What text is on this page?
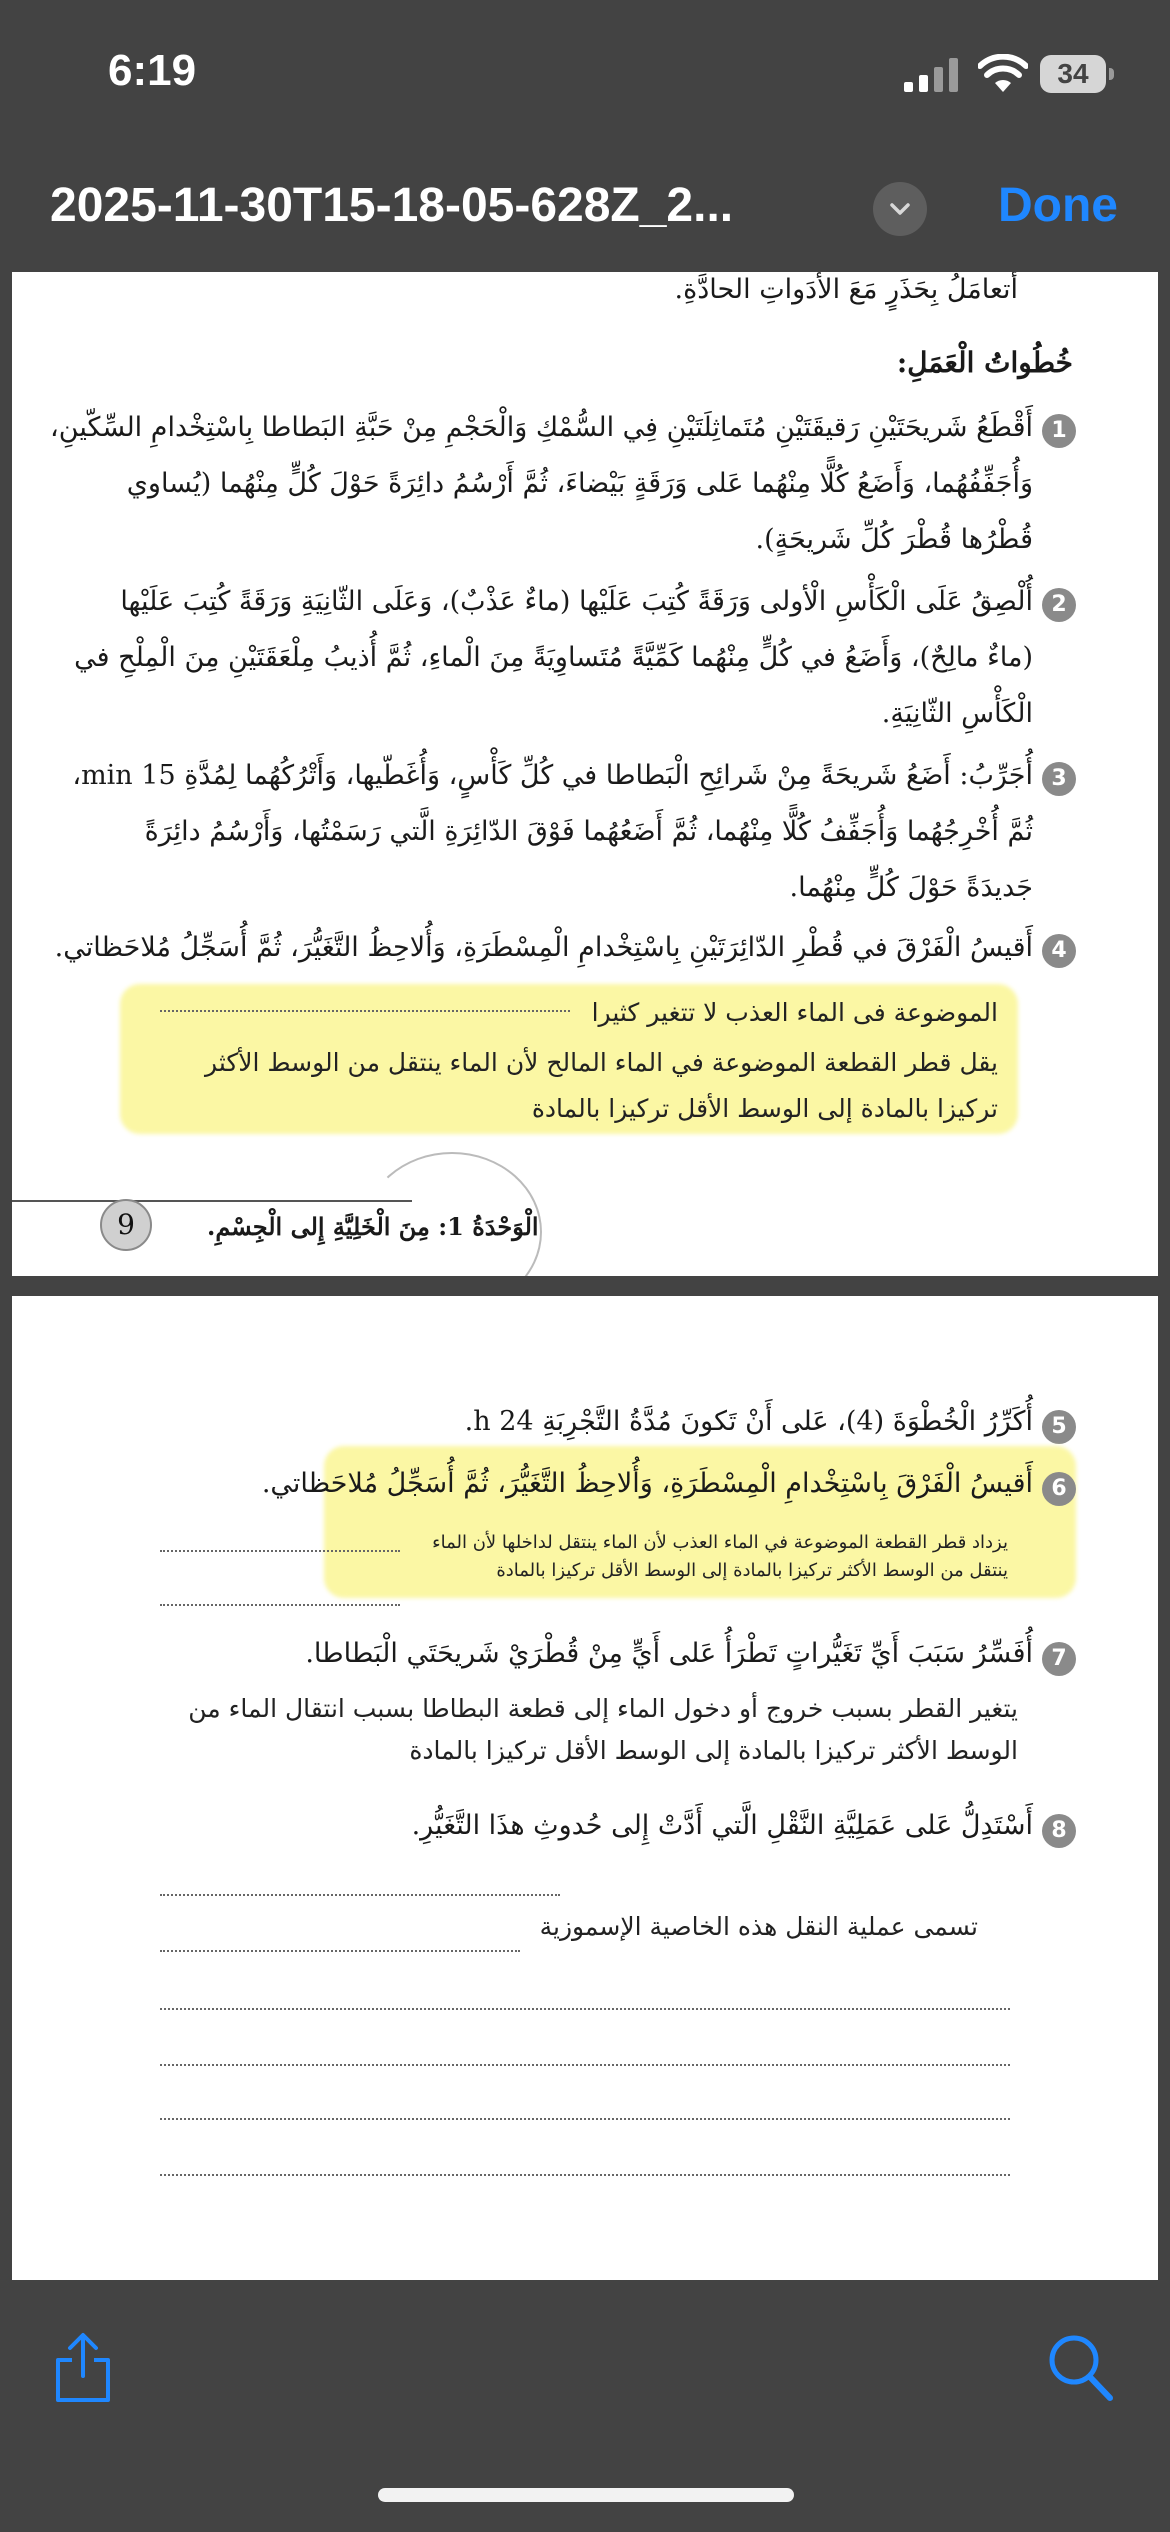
6:19	34
2025-11-30T15-18-05-628Z_2...	Done
أَتعامَلُ بِحَذَرٍ مَعَ الأدَواتِ الحادَّةِ.
خُطُواتُ الْعَمَلِ:
1
أَقْطَعُ شَريحَتَيْنِ رَقيقَتَيْنِ مُتَماثِلَتَيْنِ فِي السُّمْكِ وَالْحَجْمِ مِنْ حَبَّةِ البَطاطا بِاسْتِخْدامِ السِّكّينِ،
وَأُجَفِّفُهُما، وَأَضَعُ كُلًّا مِنْهُما عَلى وَرَقَةٍ بَيْضاءَ، ثُمَّ أَرْسُمُ دائِرَةً حَوْلَ كُلٍّ مِنْهُما (يُساوي
قُطْرُها قُطْرَ كُلِّ شَريحَةٍ).
2
أُلْصِقُ عَلَى الْكَأْسِ الْأولى وَرَقَةً كُتِبَ عَلَيْها (ماءٌ عَذْبٌ)، وَعَلَى الثّانِيَةِ وَرَقَةً كُتِبَ عَلَيْها
(ماءٌ مالِحٌ)، وَأَضَعُ في كُلٍّ مِنْهُما كَمِّيَّةً مُتَساوِيَةً مِنَ الْماءِ، ثُمَّ أُذيبُ مِلْعَقَتَيْنِ مِنَ الْمِلْحِ في
الْكَأْسِ الثّانِيَةِ.
3
أُجَرِّبُ: أَضَعُ شَريحَةً مِنْ شَرائِحِ الْبَطاطا في كُلِّ كَأْسٍ، وَأُغَطّيها، وَأَتْرُكُهُما لِمُدَّةِ 15 min،
ثُمَّ أُخْرِجُهُما وَأُجَفِّفُ كُلًّا مِنْهُما، ثُمَّ أَضَعُهُما فَوْقَ الدّائِرَةِ الَّتي رَسَمْتُها، وَأَرْسُمُ دائِرَةً
جَديدَةً حَوْلَ كُلٍّ مِنْهُما.
4
أَقيسُ الْفَرْقَ في قُطْرِ الدّائِرَتَيْنِ بِاسْتِخْدامِ الْمِسْطَرَةِ، وَأُلاحِظُ التَّغَيُّرَ، ثُمَّ أُسَجِّلُ مُلاحَظاتي.
الموضوعة فى الماء العذب لا تتغير كثيرا
يقل قطر القطعة الموضوعة في الماء المالح لأن الماء ينتقل من الوسط الأكثر
تركيزا بالمادة إلى الوسط الأقل تركيزا بالمادة
الْوَحْدَةُ 1: مِنَ الْخَلِيَّةِ إِلى الْجِسْمِ.
9
5
أُكَرِّرُ الْخُطْوَةَ (4)، عَلى أَنْ تَكونَ مُدَّةُ التَّجْرِبَةِ 24 h.
6
أَقيسُ الْفَرْقَ بِاسْتِخْدامِ الْمِسْطَرَةِ، وَأُلاحِظُ التَّغَيُّرَ، ثُمَّ أُسَجِّلُ مُلاحَظاتي.
يزداد قطر القطعة الموضوعة في الماء العذب لأن الماء ينتقل لداخلها لأن الماء
ينتقل من الوسط الأكثر تركيزا بالمادة إلى الوسط الأقل تركيزا بالمادة
7
أُفَسِّرُ سَبَبَ أَيِّ تَغَيُّراتٍ تَطْرَأُ عَلى أَيٍّ مِنْ قُطْرَيْ شَريحَتَي الْبَطاطا.
يتغير القطر بسبب خروج أو دخول الماء إلى قطعة البطاطا بسبب انتقال الماء من
الوسط الأكثر تركيزا بالمادة إلى الوسط الأقل تركيزا بالمادة
8
أَسْتَدِلُّ عَلى عَمَلِيَّةِ النَّقْلِ الَّتي أَدَّتْ إِلى حُدوثِ هذَا التَّغَيُّرِ.
تسمى عملية النقل هذه الخاصية الإسموزية
